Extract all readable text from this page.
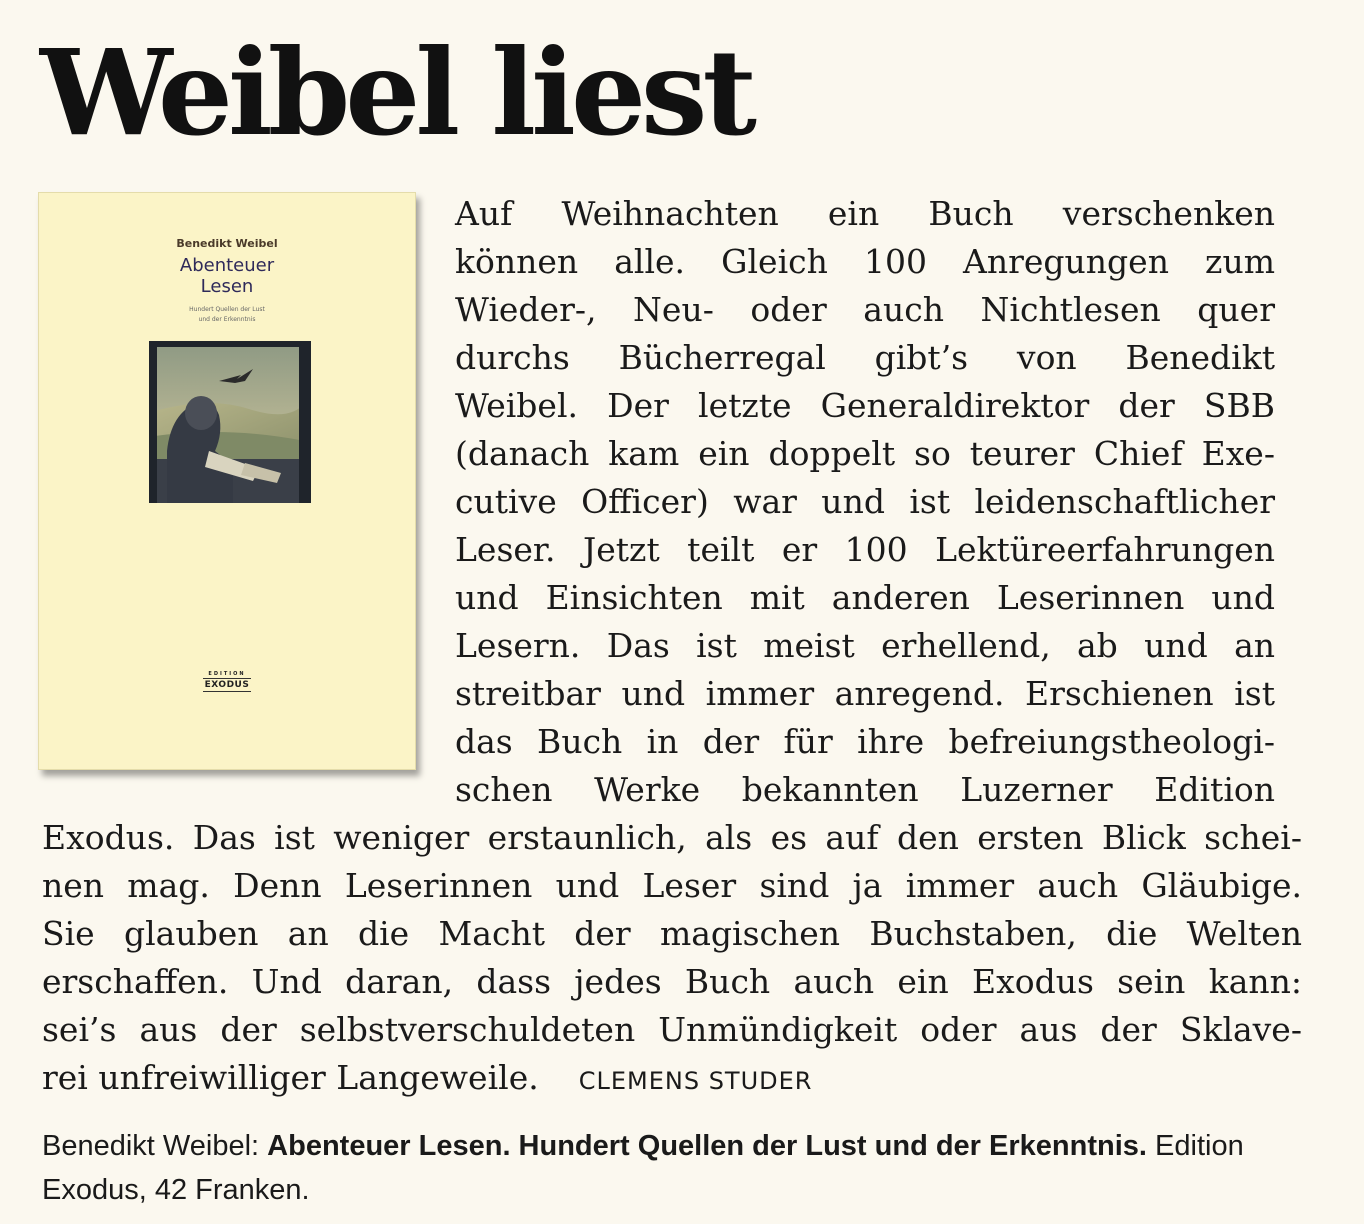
Weibel liest
Benedikt Weibel
Abenteuer
Lesen
Hundert Quellen der Lust
und der Erkenntnis
EDITION
EXODUS

Auf Weihnachten ein Buch verschenken

können alle. Gleich 100 Anregungen zum

Wieder-, Neu- oder auch Nichtlesen quer

durchs Bücherregal gibt’s von Benedikt

Weibel. Der letzte Generaldirektor der SBB

(danach kam ein doppelt so teurer Chief Exe-

cutive Officer) war und ist leidenschaftlicher

Leser. Jetzt teilt er 100 Lektüreerfahrungen

und Einsichten mit anderen Leserinnen und

Lesern. Das ist meist erhellend, ab und an

streitbar und immer anregend. Erschienen ist

das Buch in der für ihre befreiungstheologi-

schen Werke bekannten Luzerner Edition

Exodus. Das ist weniger erstaunlich, als es auf den ersten Blick schei-

nen mag. Denn Leserinnen und Leser sind ja immer auch Gläubige.

Sie glauben an die Macht der magischen Buchstaben, die Welten

erschaffen. Und daran, dass jedes Buch auch ein Exodus sein kann:

sei’s aus der selbstverschuldeten Unmündigkeit oder aus der Sklave-

rei unfreiwilliger Langeweile. CLEMENS STUDER

Benedikt Weibel: Abenteuer Lesen. Hundert Quellen der Lust und der Erkenntnis. Edition
Exodus, 42 Franken.
